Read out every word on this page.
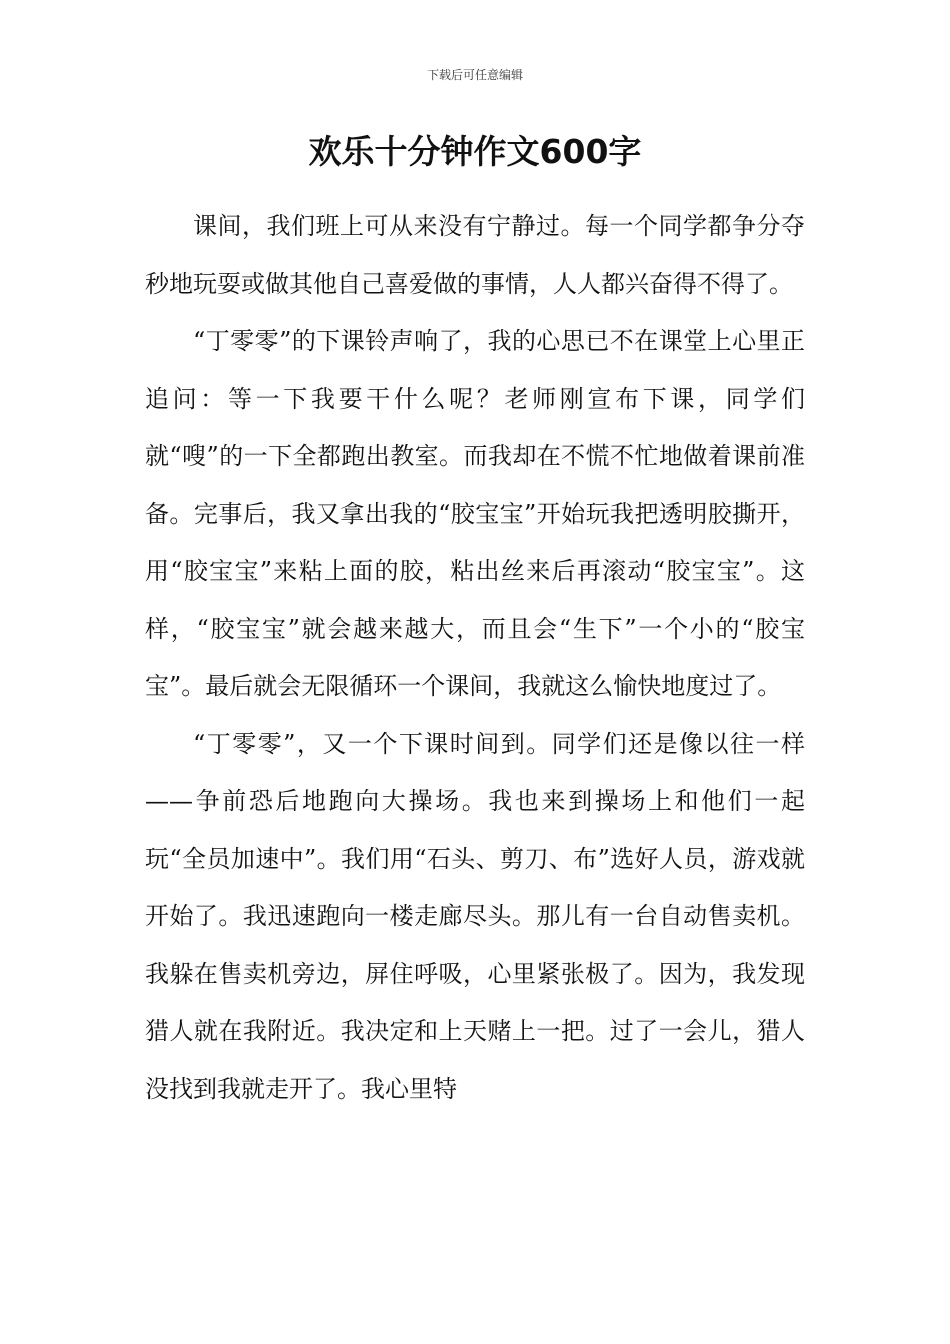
下载后可任意编辑
欢乐十分钟作文600字

课间，我们班上可从来没有宁静过。每一个同学都争分夺秒地玩耍或做其他自己喜爱做的事情，人人都兴奋得不得了。

“丁零零”的下课铃声响了，我的心思已不在课堂上心里正追问：等一下我要干什么呢？老师刚宣布下课，同学们就“嗖”的一下全都跑出教室。而我却在不慌不忙地做着课前准备。完事后，我又拿出我的“胶宝宝”开始玩我把透明胶撕开，用“胶宝宝”来粘上面的胶，粘出丝来后再滚动“胶宝宝”。这样，“胶宝宝”就会越来越大，而且会“生下”一个小的“胶宝宝”。最后就会无限循环一个课间，我就这么愉快地度过了。

“丁零零”，又一个下课时间到。同学们还是像以往一样——争前恐后地跑向大操场。我也来到操场上和他们一起玩“全员加速中”。我们用“石头、剪刀、布”选好人员，游戏就开始了。我迅速跑向一楼走廊尽头。那儿有一台自动售卖机。我躲在售卖机旁边，屏住呼吸，心里紧张极了。因为，我发现猎人就在我附近。我决定和上天赌上一把。过了一会儿，猎人没找到我就走开了。我心里特
